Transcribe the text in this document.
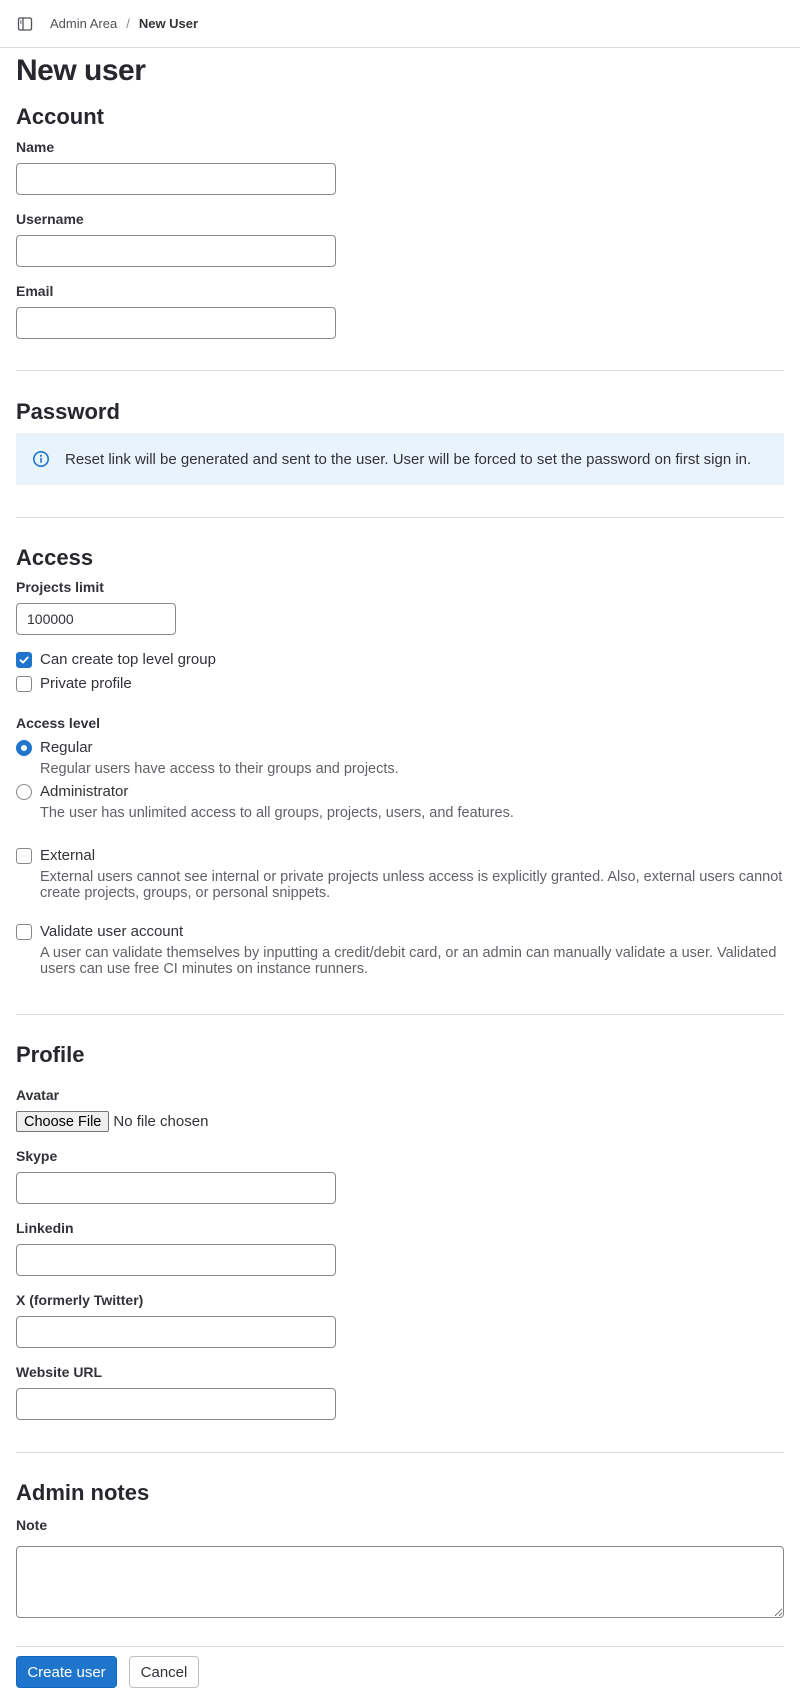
Admin Area / New User
New user
Account
Name
Username
Email
Password
Reset link will be generated and sent to the user. User will be forced to set the password on first sign in.
Access
Projects limit
100000
Can create top level group
Private profile
Access level
Regular
Regular users have access to their groups and projects.
Administrator
The user has unlimited access to all groups, projects, users, and features.
External
External users cannot see internal or private projects unless access is explicitly granted. Also, external users cannot create projects, groups, or personal snippets.
Validate user account
A user can validate themselves by inputting a credit/debit card, or an admin can manually validate a user. Validated users can use free CI minutes on instance runners.
Profile
Avatar
Choose File No file chosen
Skype
Linkedin
X (formerly Twitter)
Website URL
Admin notes
Note
Create user	Cancel
